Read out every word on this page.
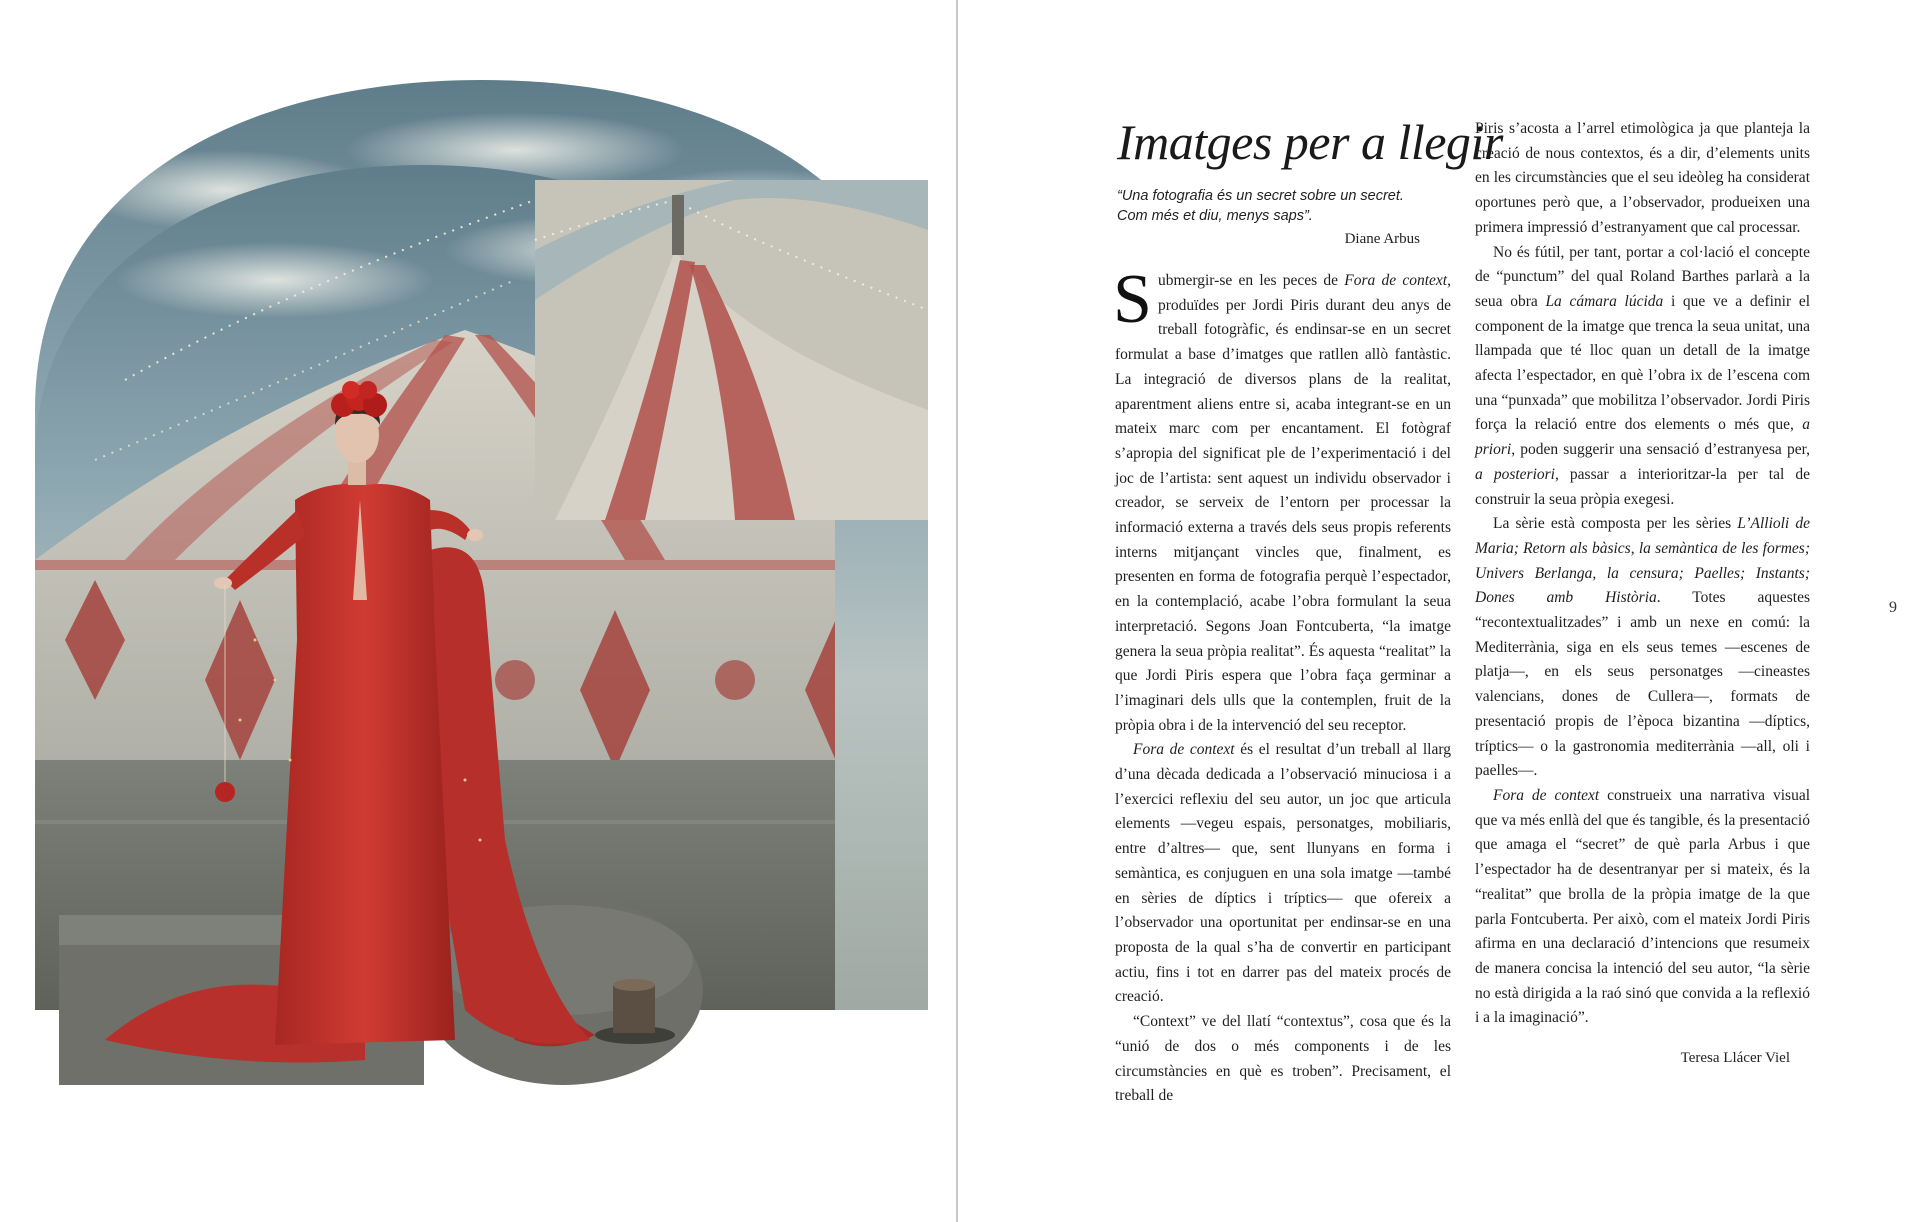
Imatges per a llegir
“Una fotografia és un secret sobre un secret.
Com més et diu, menys saps”.
Diane Arbus

Submergir-se en les peces de Fora de context, produïdes per Jordi Piris durant deu anys de treball fotogràfic, és endinsar-se en un secret formulat a base d’imatges que ratllen allò fantàstic. La integració de diversos plans de la realitat, aparentment aliens entre si, acaba integrant-se en un mateix marc com per encantament. El fotògraf s’apropia del significat ple de l’experimentació i del joc de l’artista: sent aquest un individu observador i creador, se serveix de l’entorn per processar la informació externa a través dels seus propis referents interns mitjançant vincles que, finalment, es presenten en forma de fotografia perquè l’espectador, en la contemplació, acabe l’obra formulant la seua interpretació. Segons Joan Fontcuberta, “la imatge genera la seua pròpia realitat”. És aquesta “realitat” la que Jordi Piris espera que l’obra faça germinar a l’imaginari dels ulls que la contemplen, fruit de la pròpia obra i de la intervenció del seu receptor.

Fora de context és el resultat d’un treball al llarg d’una dècada dedicada a l’observació minuciosa i a l’exercici reflexiu del seu autor, un joc que articula elements —vegeu espais, personatges, mobiliaris, entre d’altres— que, sent llunyans en forma i semàntica, es conjuguen en una sola imatge —també en sèries de díptics i tríptics— que ofereix a l’observador una oportunitat per endinsar-se en una proposta de la qual s’ha de convertir en participant actiu, fins i tot en darrer pas del mateix procés de creació.

“Context” ve del llatí “contextus”, cosa que és la “unió de dos o més components i de les circumstàncies en què es troben”. Precisament, el treball de

Piris s’acosta a l’arrel etimològica ja que planteja la creació de nous contextos, és a dir, d’elements units en les circumstàncies que el seu ideòleg ha considerat oportunes però que, a l’observador, produeixen una primera impressió d’estranyament que cal processar.

No és fútil, per tant, portar a col·lació el concepte de “punctum” del qual Roland Barthes parlarà a la seua obra La cámara lúcida i que ve a definir el component de la imatge que trenca la seua unitat, una llampada que té lloc quan un detall de la imatge afecta l’espectador, en què l’obra ix de l’escena com una “punxada” que mobilitza l’observador. Jordi Piris força la relació entre dos elements o més que, a priori, poden suggerir una sensació d’estranyesa per, a posteriori, passar a interioritzar-la per tal de construir la seua pròpia exegesi.

La sèrie està composta per les sèries L’Allioli de Maria; Retorn als bàsics, la semàntica de les formes; Univers Berlanga, la censura; Paelles; Instants; Dones amb Història. Totes aquestes “recontextualitzades” i amb un nexe en comú: la Mediterrània, siga en els seus temes —escenes de platja—, en els seus personatges —cineastes valencians, dones de Cullera—, formats de presentació propis de l’època bizantina —díptics, tríptics— o la gastronomia mediterrània —all, oli i paelles—.

Fora de context construeix una narrativa visual que va més enllà del que és tangible, és la presentació que amaga el “secret” de què parla Arbus i que l’espectador ha de desentranyar per si mateix, és la “realitat” que brolla de la pròpia imatge de la que parla Fontcuberta. Per això, com el mateix Jordi Piris afirma en una declaració d’intencions que resumeix de manera concisa la intenció del seu autor, “la sèrie no està dirigida a la raó sinó que convida a la reflexió i a la imaginació”.

Teresa Llácer Viel
9
